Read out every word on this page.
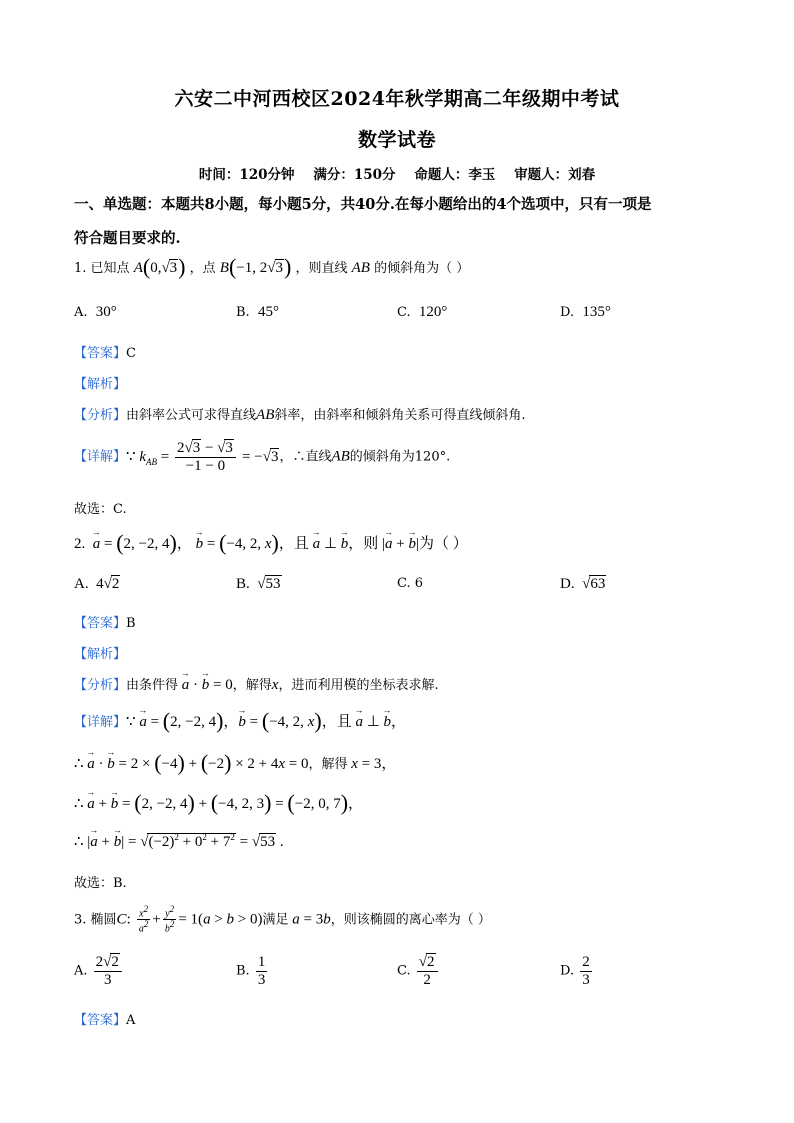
六安二中河西校区2024年秋学期高二年级期中考试
数学试卷
时间：120分钟    满分：150分    命题人：李玉    审题人：刘春
一、单选题：本题共8小题，每小题5分，共40分.在每小题给出的4个选项中，只有一项是
符合题目要求的.
1. 已知点 A(0,√3) ，点 B(−1, 2√3) ，则直线 AB 的倾斜角为（ ）
A. 30°	B. 45°	C. 120°	D. 135°
【答案】C
【解析】
【分析】由斜率公式可求得直线AB斜率，由斜率和倾斜角关系可得直线倾斜角.
【详解】∵ $k_{AB} = \frac{2√3 - √3}{-1 - 0} = -√3$，∴直线AB的倾斜角为120°.
故选：C.
2. → a = (2, −2, 4)， → b = (−4, 2, x)，且 → a ⊥ → b，则 |→ a + → b|为（ ）
A.  4√2	B.  √53	C. 6	D.  √63
【答案】B
【解析】
【分析】由条件得 → a · → b = 0，解得x，进而利用模的坐标表求解.
【详解】∵ → a = (2, −2, 4)，→ b = (−4, 2, x)，且 → a ⊥ → b，
∴ → a · → b = 2 × (−4) + (−2) × 2 + 4x = 0，解得 x = 3，
∴ → a + → b = (2, −2, 4) + (−4, 2, 3) = (−2, 0, 7)，
∴ |→ a + → $b| = √(-2)^2 + 0^2 + 7^2 = √53$ .
故选：B.
3. 椭圆C: $\frac{x^2}{a^2} + \frac{y^2}{b^2} = 1(a > b > 0)$满足 a = 3b，则该椭圆的离心率为（ ）
A. $\frac{2√2}{3}$	B. $\frac{1}{3}$	C. $\frac{√2}{2}$	D. $\frac{2}{3}$
【答案】A
